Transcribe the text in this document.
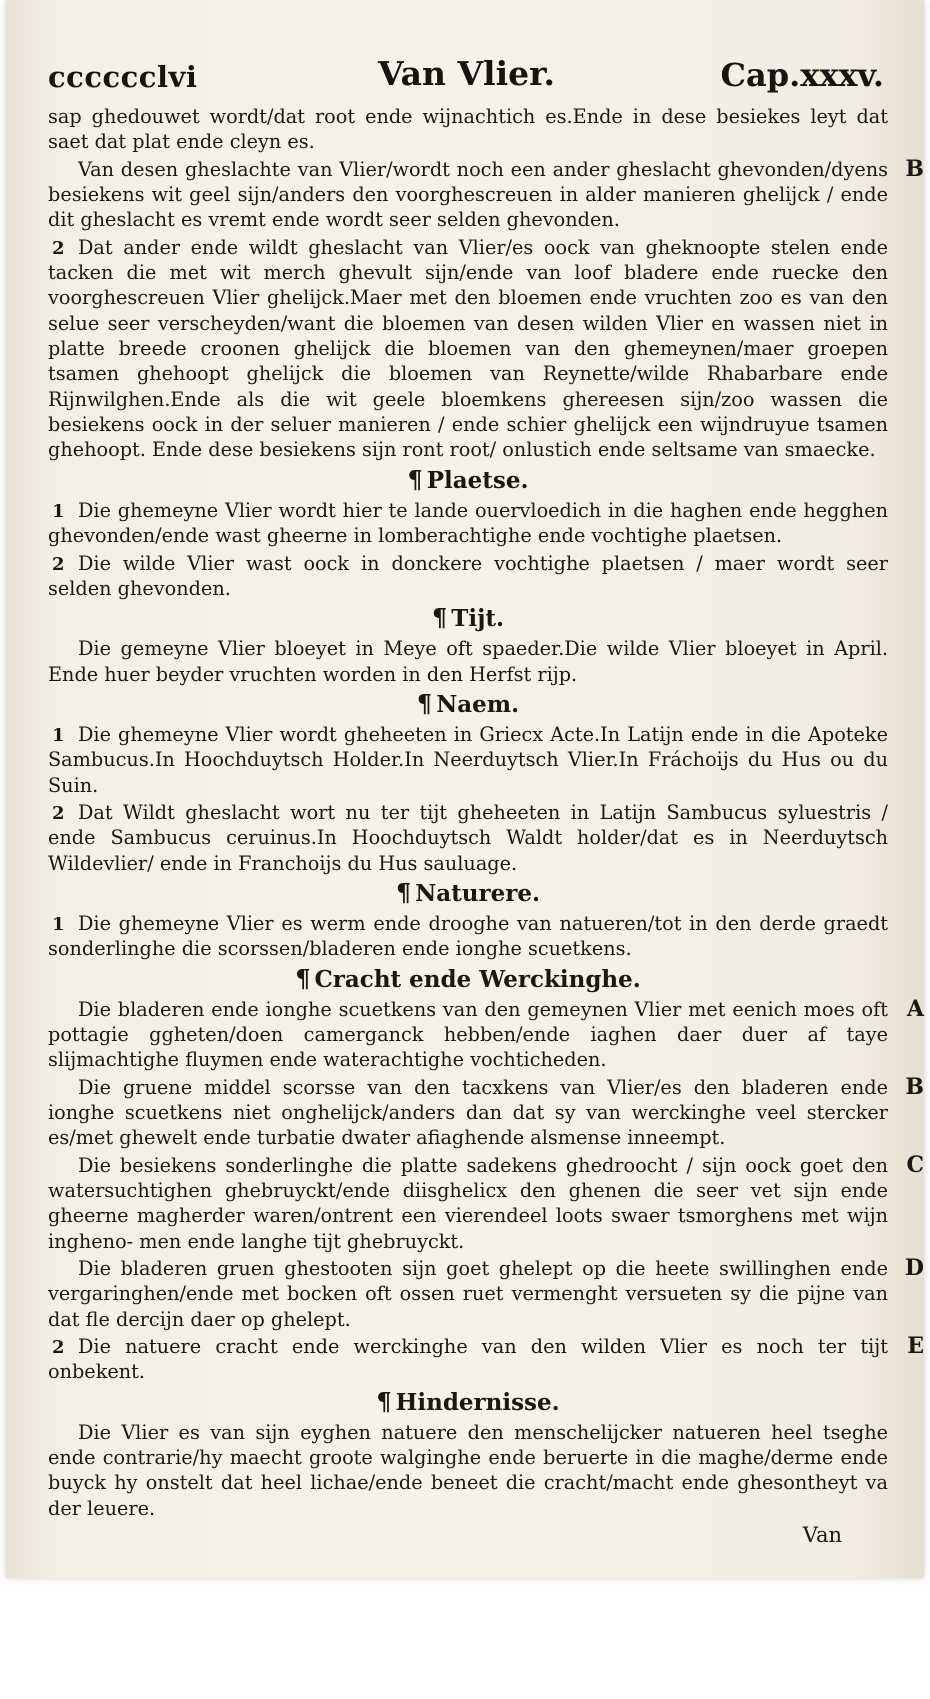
cccccclvi	Van Vlier.	Cap.xxxv.
sap ghedouwet wordt/dat root ende wijnachtich es.Ende in dese besiekes leyt dat saet dat plat ende cleyn es.
B
Van desen gheslachte van Vlier/wordt noch een ander gheslacht ghevonden/dyens besiekens wit geel sijn/anders den voorghescreuen in alder manieren ghelijck / ende dit gheslacht es vremt ende wordt seer selden ghevonden.
2 Dat ander ende wildt gheslacht van Vlier/es oock van gheknoopte stelen ende tacken die met wit merch ghevult sijn/ende van loof bladere ende ruecke den voorghescreuen Vlier ghelijck.Maer met den bloemen ende vruchten zoo es van den selue seer verscheyden/want die bloemen van desen wilden Vlier en wassen niet in platte breede croonen ghelijck die bloemen van den ghemeynen/maer groepen tsamen ghehoopt ghelijck die bloemen van Reynette/wilde Rhabarbare ende Rijnwilghen.Ende als die wit geele bloemkens ghereesen sijn/zoo wassen die besiekens oock in der seluer manieren / ende schier ghelijck een wijndruyue tsamen ghehoopt. Ende dese besiekens sijn ront root/ onlustich ende seltsame van smaecke.
¶ Plaetse.
1 Die ghemeyne Vlier wordt hier te lande ouervloedich in die haghen ende hegghen ghevonden/ende wast gheerne in lomberachtighe ende vochtighe plaetsen.
2 Die wilde Vlier wast oock in donckere vochtighe plaetsen / maer wordt seer selden ghevonden.
¶ Tijt.
Die gemeyne Vlier bloeyet in Meye oft spaeder.Die wilde Vlier bloeyet in April. Ende huer beyder vruchten worden in den Herfst rijp.
¶ Naem.
1 Die ghemeyne Vlier wordt gheheeten in Griecx Acte.In Latijn ende in die Apoteke Sambucus.In Hoochduytsch Holder.In Neerduytsch Vlier.In Fráchoijs du Hus ou du Suin.
2 Dat Wildt gheslacht wort nu ter tijt gheheeten in Latijn Sambucus syluestris / ende Sambucus ceruinus.In Hoochduytsch Waldt holder/dat es in Neerduytsch Wildevlier/ ende in Franchoijs du Hus sauluage.
¶ Naturere.
1 Die ghemeyne Vlier es werm ende drooghe van natueren/tot in den derde graedt sonderlinghe die scorssen/bladeren ende ionghe scuetkens.
¶ Cracht ende Werckinghe.
A
Die bladeren ende ionghe scuetkens van den gemeynen Vlier met eenich moes oft pottagie ggheten/doen camerganck hebben/ende iaghen daer duer af taye slijmachtighe fluymen ende waterachtighe vochticheden.
B
Die gruene middel scorsse van den tacxkens van Vlier/es den bladeren ende ionghe scuetkens niet onghelijck/anders dan dat sy van werckinghe veel stercker es/met ghewelt ende turbatie dwater afiaghende alsmense inneempt.
C
Die besiekens sonderlinghe die platte sadekens ghedroocht / sijn oock goet den watersuchtighen ghebruyckt/ende diisghelicx den ghenen die seer vet sijn ende gheerne magherder waren/ontrent een vierendeel loots swaer tsmorghens met wijn ingheno- men ende langhe tijt ghebruyckt.
D
Die bladeren gruen ghestooten sijn goet ghelept op die heete swillinghen ende vergaringhen/ende met bocken oft ossen ruet vermenght versueten sy die pijne van dat fle dercijn daer op ghelept.
2	E
Die natuere cracht ende werckinghe van den wilden Vlier es noch ter tijt onbekent.
¶ Hindernisse.
Die Vlier es van sijn eyghen natuere den menschelijcker natueren heel tseghe ende contrarie/hy maecht groote walginghe ende beruerte in die maghe/derme ende buyck hy onstelt dat heel lichae/ende beneet die cracht/macht ende ghesontheyt va der leuere.
Van
